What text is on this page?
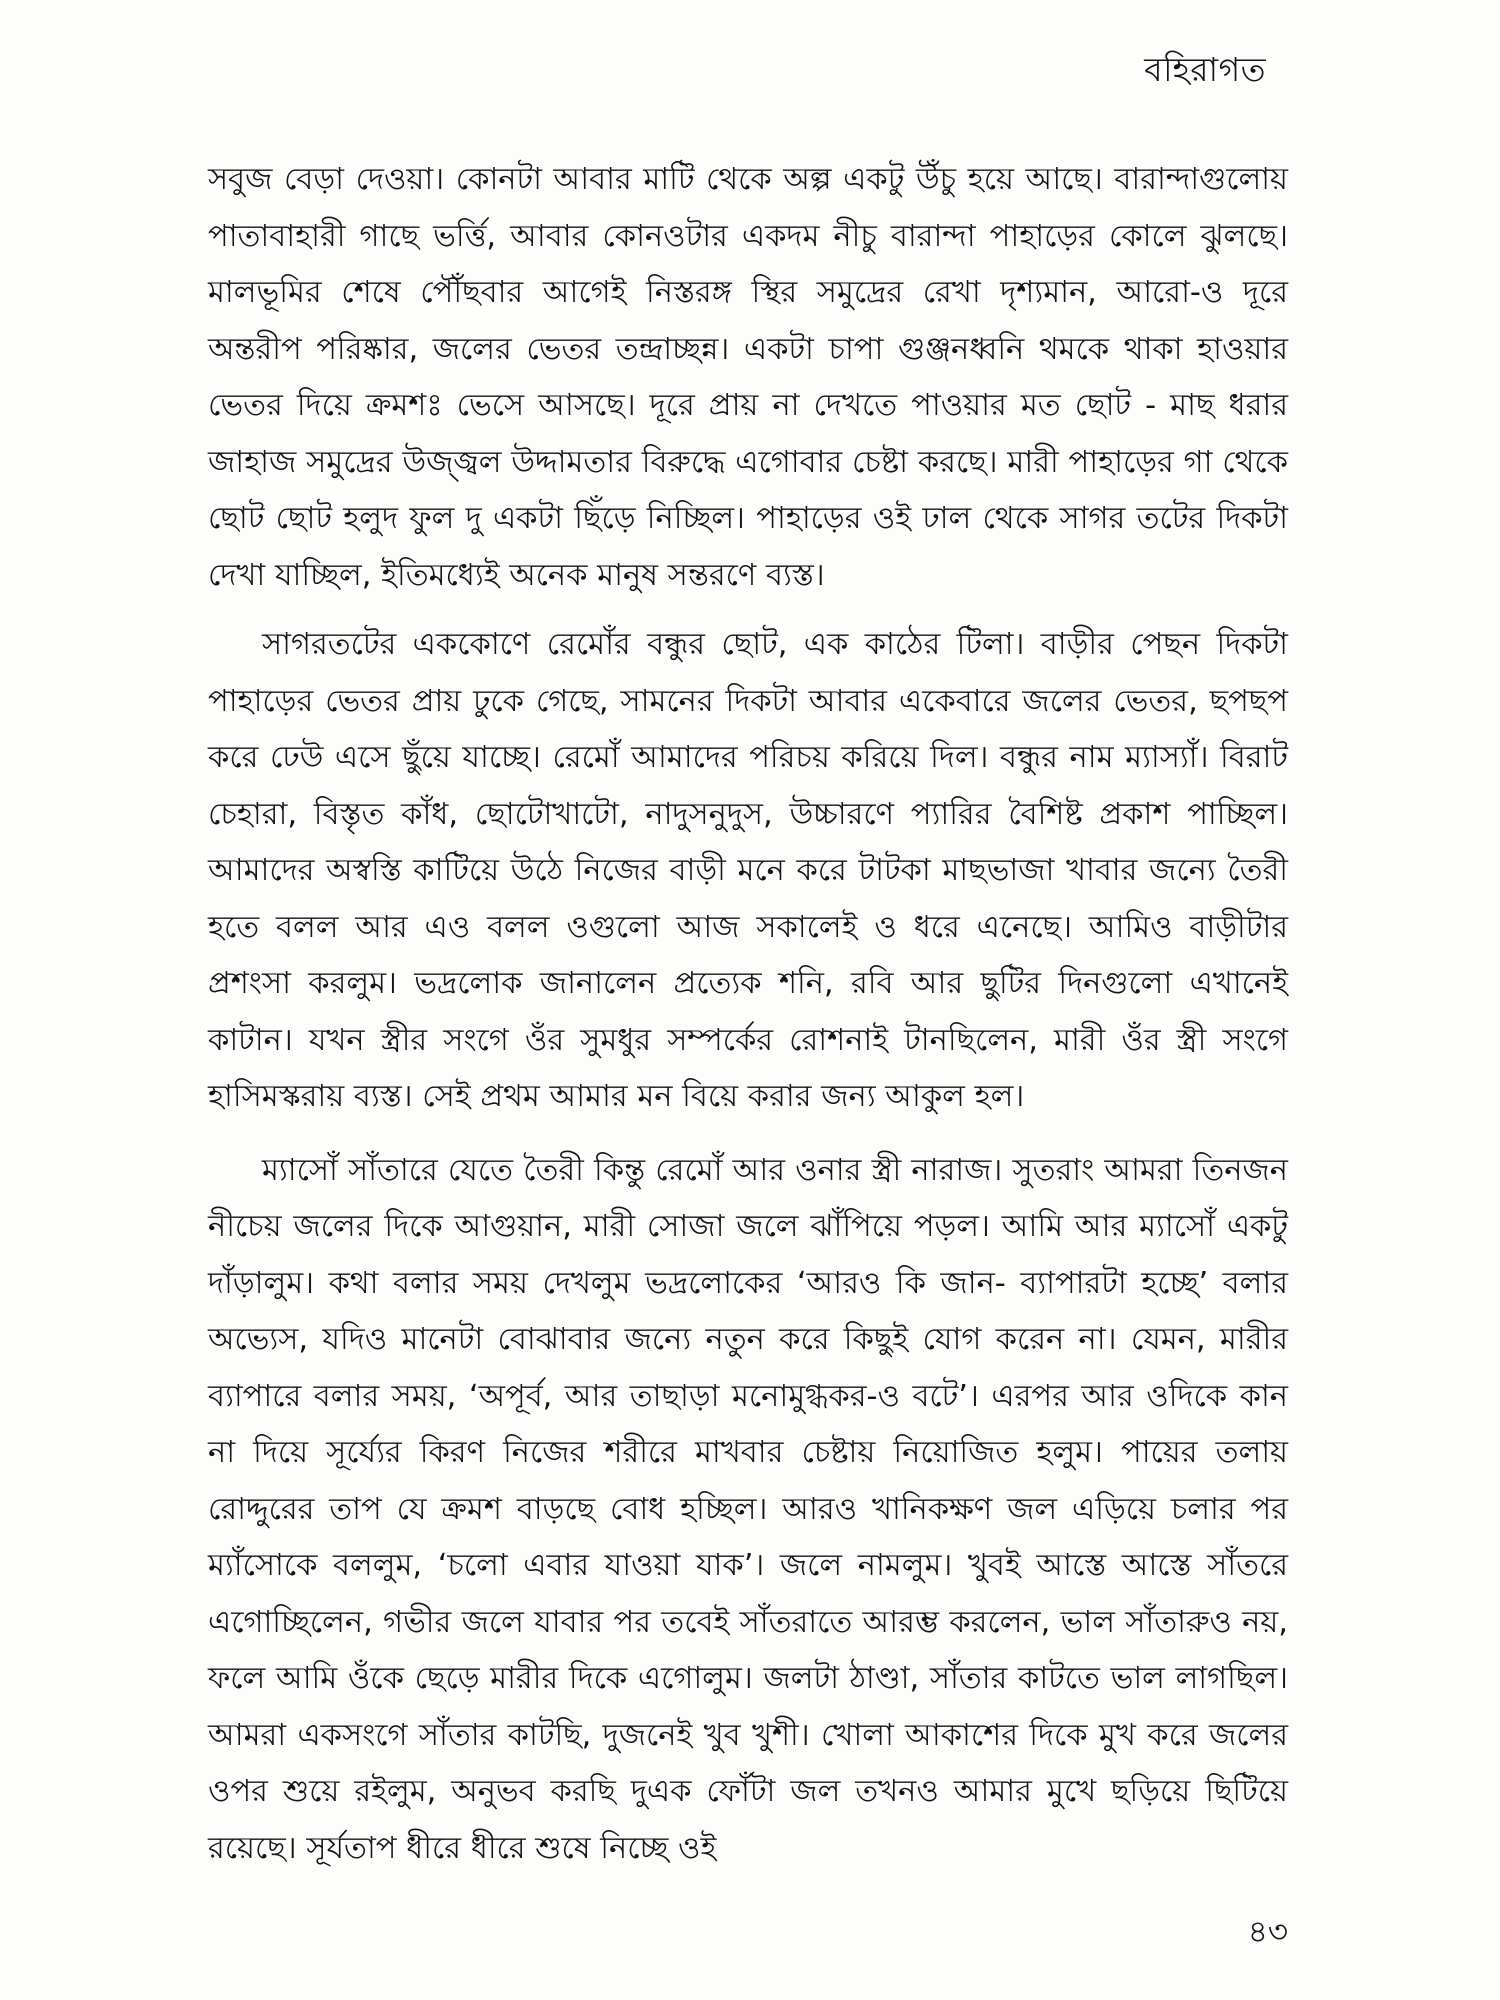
বহিরাগত

সবুজ বেড়া দেওয়া। কোনটা আবার মাটি থেকে অল্প একটু উঁচু হয়ে আছে। বারান্দাগুলোয় পাতাবাহারী গাছে ভর্ত্তি, আবার কোনওটার একদম নীচু বারান্দা পাহাড়ের কোলে ঝুলছে। মালভূমির শেষে পৌঁছবার আগেই নিস্তরঙ্গ স্থির সমুদ্রের রেখা দৃশ্যমান, আরো-ও দূরে অন্তরীপ পরিষ্কার, জলের ভেতর তন্দ্রাচ্ছন্ন। একটা চাপা গুঞ্জনধ্বনি থমকে থাকা হাওয়ার ভেতর দিয়ে ক্রমশঃ ভেসে আসছে। দূরে প্রায় না দেখতে পাওয়ার মত ছোট - মাছ ধরার জাহাজ সমুদ্রের উজ্জ্বল উদ্দামতার বিরুদ্ধে এগোবার চেষ্টা করছে। মারী পাহাড়ের গা থেকে ছোট ছোট হলুদ ফুল দু একটা ছিঁড়ে নিচ্ছিল। পাহাড়ের ওই ঢাল থেকে সাগর তটের দিকটা দেখা যাচ্ছিল, ইতিমধ্যেই অনেক মানুষ সন্তরণে ব্যস্ত।

সাগরতটের এককোণে রেমোঁর বন্ধুর ছোট, এক কাঠের টিলা। বাড়ীর পেছন দিকটা পাহাড়ের ভেতর প্রায় ঢুকে গেছে, সামনের দিকটা আবার একেবারে জলের ভেতর, ছপছপ করে ঢেউ এসে ছুঁয়ে যাচ্ছে। রেমোঁ আমাদের পরিচয় করিয়ে দিল। বন্ধুর নাম ম্যাস্যাঁ। বিরাট চেহারা, বিস্তৃত কাঁধ, ছোটোখাটো, নাদুসনুদুস, উচ্চারণে প্যারির বৈশিষ্ট প্রকাশ পাচ্ছিল। আমাদের অস্বস্তি কাটিয়ে উঠে নিজের বাড়ী মনে করে টাটকা মাছভাজা খাবার জন্যে তৈরী হতে বলল আর এও বলল ওগুলো আজ সকালেই ও ধরে এনেছে। আমিও বাড়ীটার প্রশংসা করলুম। ভদ্রলোক জানালেন প্রত্যেক শনি, রবি আর ছুটির দিনগুলো এখানেই কাটান। যখন স্ত্রীর সংগে ওঁর সুমধুর সম্পর্কের রোশনাই টানছিলেন, মারী ওঁর স্ত্রী সংগে হাসিমস্করায় ব্যস্ত। সেই প্রথম আমার মন বিয়ে করার জন্য আকুল হল।

ম্যাসোঁ সাঁতারে যেতে তৈরী কিন্তু রেমোঁ আর ওনার স্ত্রী নারাজ। সুতরাং আমরা তিনজন নীচেয় জলের দিকে আগুয়ান, মারী সোজা জলে ঝাঁপিয়ে পড়ল। আমি আর ম্যাসোঁ একটু দাঁড়ালুম। কথা বলার সময় দেখলুম ভদ্রলোকের ‘আরও কি জান- ব্যাপারটা হচ্ছে’ বলার অভ্যেস, যদিও মানেটা বোঝাবার জন্যে নতুন করে কিছুই যোগ করেন না। যেমন, মারীর ব্যাপারে বলার সময়, ‘অপূর্ব, আর তাছাড়া মনোমুগ্ধকর-ও বটে’। এরপর আর ওদিকে কান না দিয়ে সূর্য্যের কিরণ নিজের শরীরে মাখবার চেষ্টায় নিয়োজিত হলুম। পায়ের তলায় রোদ্দুরের তাপ যে ক্রমশ বাড়ছে বোধ হচ্ছিল। আরও খানিকক্ষণ জল এড়িয়ে চলার পর ম্যাঁসোকে বললুম, ‘চলো এবার যাওয়া যাক’। জলে নামলুম। খুবই আস্তে আস্তে সাঁতরে এগোচ্ছিলেন, গভীর জলে যাবার পর তবেই সাঁতরাতে আরম্ভ করলেন, ভাল সাঁতারুও নয়, ফলে আমি ওঁকে ছেড়ে মারীর দিকে এগোলুম। জলটা ঠাণ্ডা, সাঁতার কাটতে ভাল লাগছিল। আমরা একসংগে সাঁতার কাটছি, দুজনেই খুব খুশী। খোলা আকাশের দিকে মুখ করে জলের ওপর শুয়ে রইলুম, অনুভব করছি দুএক ফোঁটা জল তখনও আমার মুখে ছড়িয়ে ছিটিয়ে রয়েছে। সূর্যতাপ ধীরে ধীরে শুষে নিচ্ছে ওই

৪৩
